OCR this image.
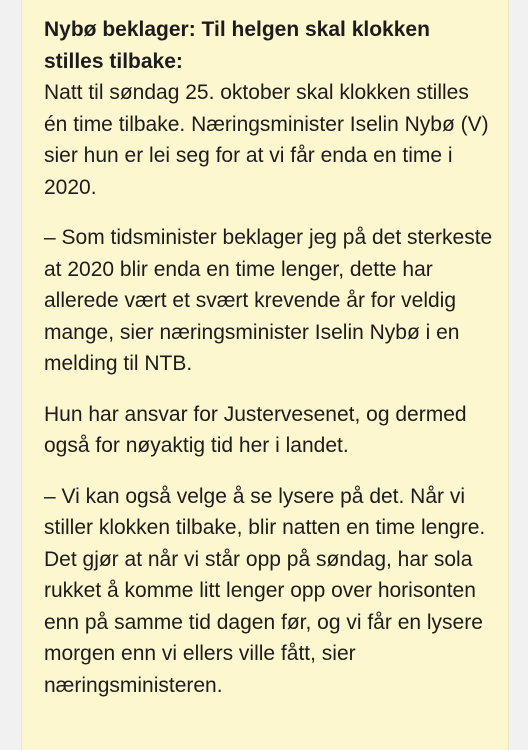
Nybø beklager: Til helgen skal klokken stilles tilbake:

Natt til søndag 25. oktober skal klokken stilles én time tilbake. Næringsminister Iselin Nybø (V) sier hun er lei seg for at vi får enda en time i 2020.

– Som tidsminister beklager jeg på det sterkeste at 2020 blir enda en time lenger, dette har allerede vært et svært krevende år for veldig mange, sier næringsminister Iselin Nybø i en melding til NTB.

Hun har ansvar for Justervesenet, og dermed også for nøyaktig tid her i landet.

– Vi kan også velge å se lysere på det. Når vi stiller klokken tilbake, blir natten en time lengre. Det gjør at når vi står opp på søndag, har sola rukket å komme litt lenger opp over horisonten enn på samme tid dagen før, og vi får en lysere morgen enn vi ellers ville fått, sier næringsministeren.
